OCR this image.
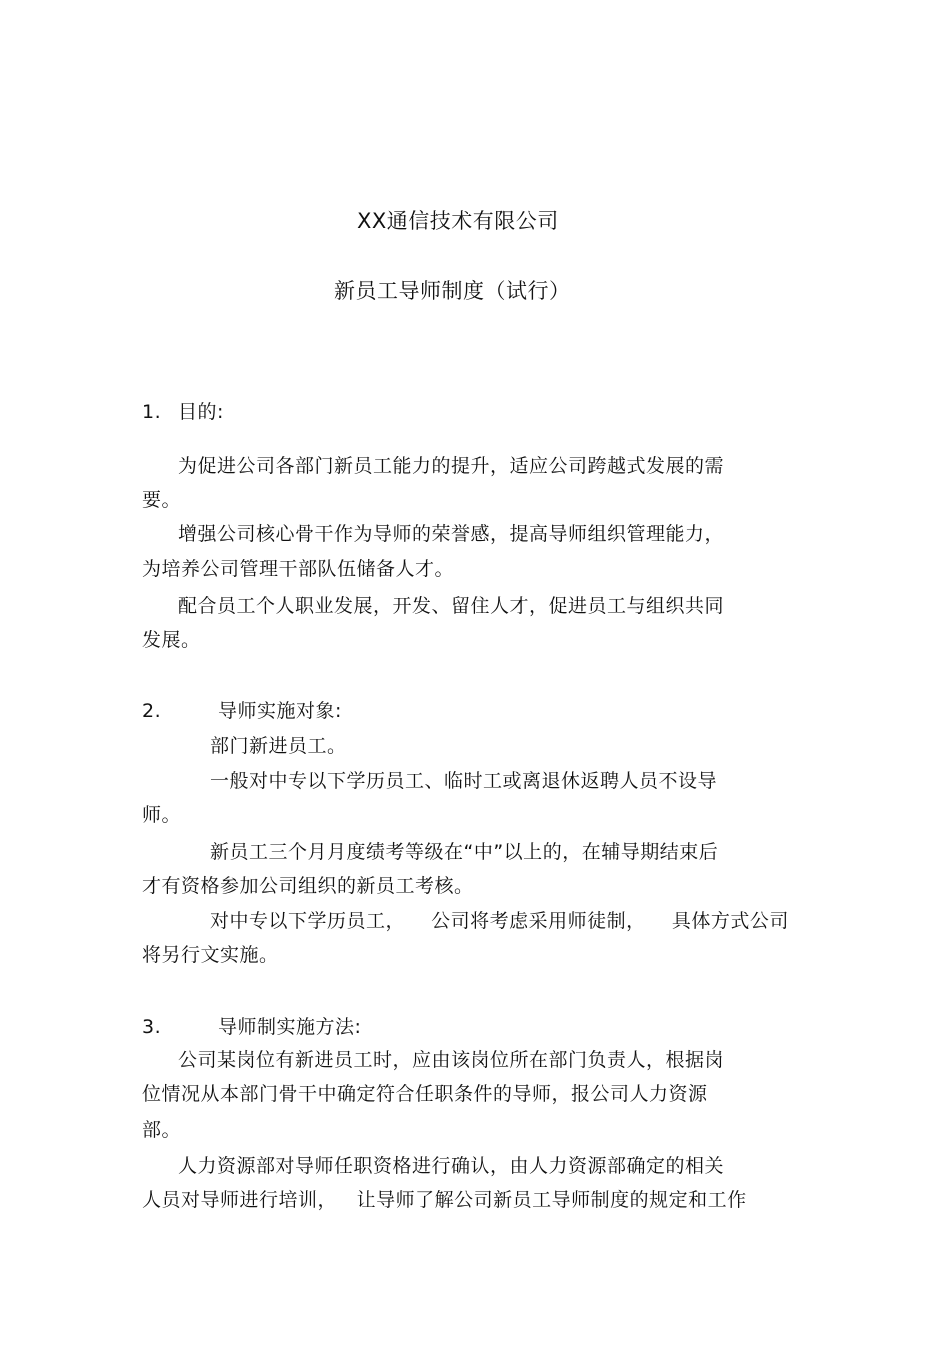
XX通信技术有限公司
新员工导师制度（试行）
1. 目的:
为促进公司各部门新员工能力的提升，适应公司跨越式发展的需
要。
增强公司核心骨干作为导师的荣誉感，提高导师组织管理能力，
为培养公司管理干部队伍储备人才。
配合员工个人职业发展，开发、留住人才，促进员工与组织共同
发展。
2.	导师实施对象:
部门新进员工。
一般对中专以下学历员工、临时工或离退休返聘人员不设导
师。
新员工三个月月度绩考等级在“中”以上的，在辅导期结束后
才有资格参加公司组织的新员工考核。
对中专以下学历员工，    公司将考虑采用师徒制，    具体方式公司
将另行文实施。
3.	导师制实施方法:
公司某岗位有新进员工时，应由该岗位所在部门负责人，根据岗
位情况从本部门骨干中确定符合任职条件的导师，报公司人力资源
部。
人力资源部对导师任职资格进行确认，由人力资源部确定的相关
人员对导师进行培训，   让导师了解公司新员工导师制度的规定和工作
